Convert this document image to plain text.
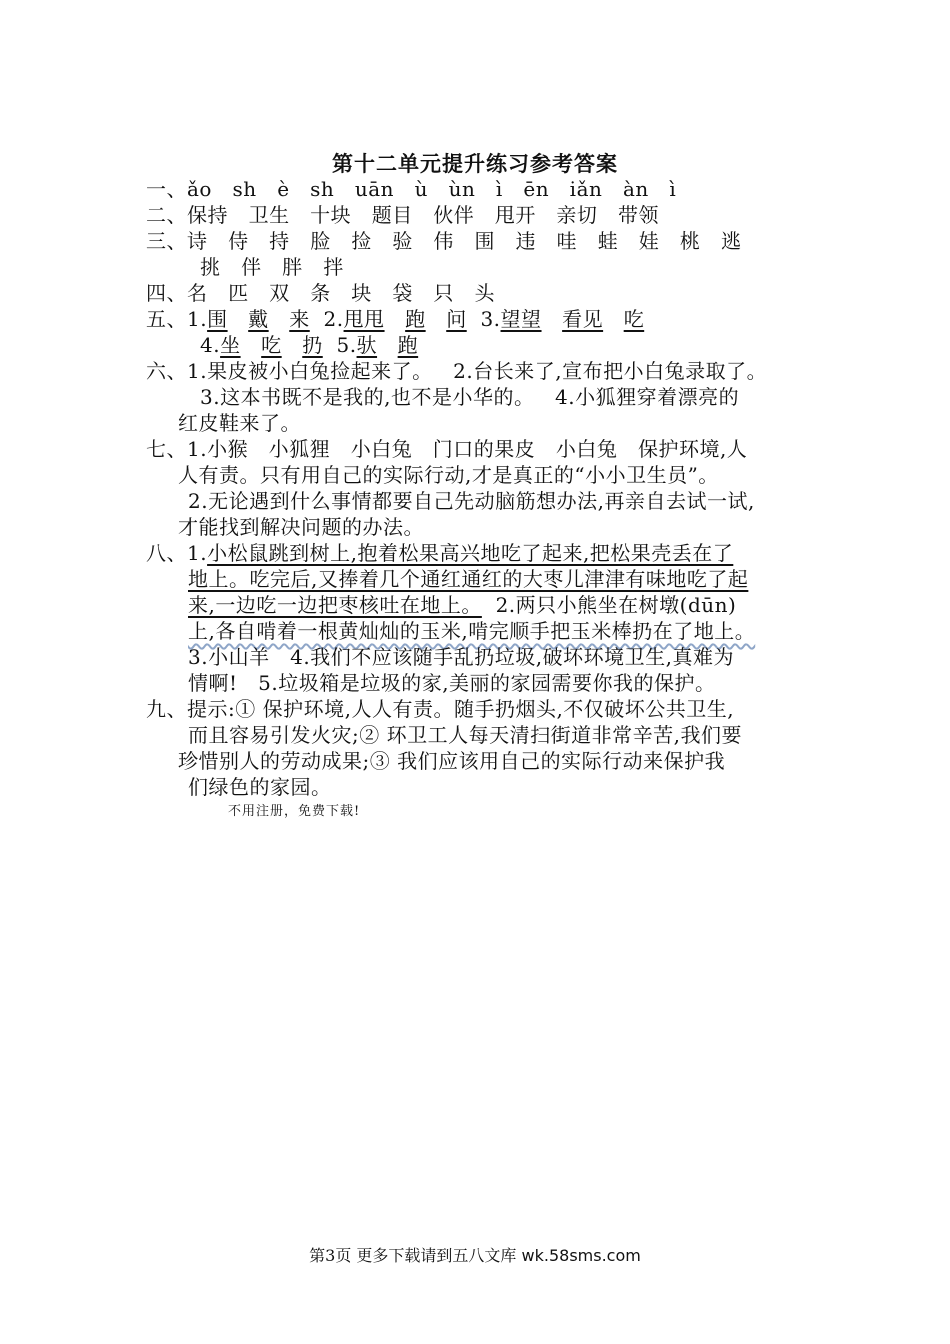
第十二单元提升练习参考答案
一、ǎo   sh   è   sh   uān   ù   ùn   ì   ēn   iǎn   àn   ì
二、保持   卫生   十块   题目   伙伴   甩开   亲切   带领
三、诗   侍   持   脸   捡   验   伟   围   违   哇   蛙   娃   桃   逃
挑   伴   胖   拌
四、名   匹   双   条   块   袋   只   头
五、1.围 戴 来 2.甩甩 跑 问 3.望望 看见 吃
4.坐 吃 扔 5.驮 跑
六、1.果皮被小白兔捡起来了。   2.台长来了,宣布把小白兔录取了。
3.这本书既不是我的,也不是小华的。   4.小狐狸穿着漂亮的
红皮鞋来了。
七、1.小猴   小狐狸   小白兔   门口的果皮   小白兔   保护环境,人
人有责。只有用自己的实际行动,才是真正的“小小卫生员”。
2.无论遇到什么事情都要自己先动脑筋想办法,再亲自去试一试,
才能找到解决问题的办法。
八、1.小松鼠跳到树上,抱着松果高兴地吃了起来,把松果壳丢在了
地上。吃完后,又捧着几个通红通红的大枣儿津津有味地吃了起
来,一边吃一边把枣核吐在地上。  2.两只小熊坐在树墩(dūn)
上,各自啃着一根黄灿灿的玉米,啃完顺手把玉米棒扔在了地上。
3.小山羊   4.我们不应该随手乱扔垃圾,破坏环境卫生,真难为
情啊!   5.垃圾箱是垃圾的家,美丽的家园需要你我的保护。
九、提示:① 保护环境,人人有责。随手扔烟头,不仅破坏公共卫生,
而且容易引发火灾;② 环卫工人每天清扫街道非常辛苦,我们要
珍惜别人的劳动成果;③ 我们应该用自己的实际行动来保护我
们绿色的家园。
不用注册，免费下载!
第3页 更多下载请到五八文库 wk.58sms.com
